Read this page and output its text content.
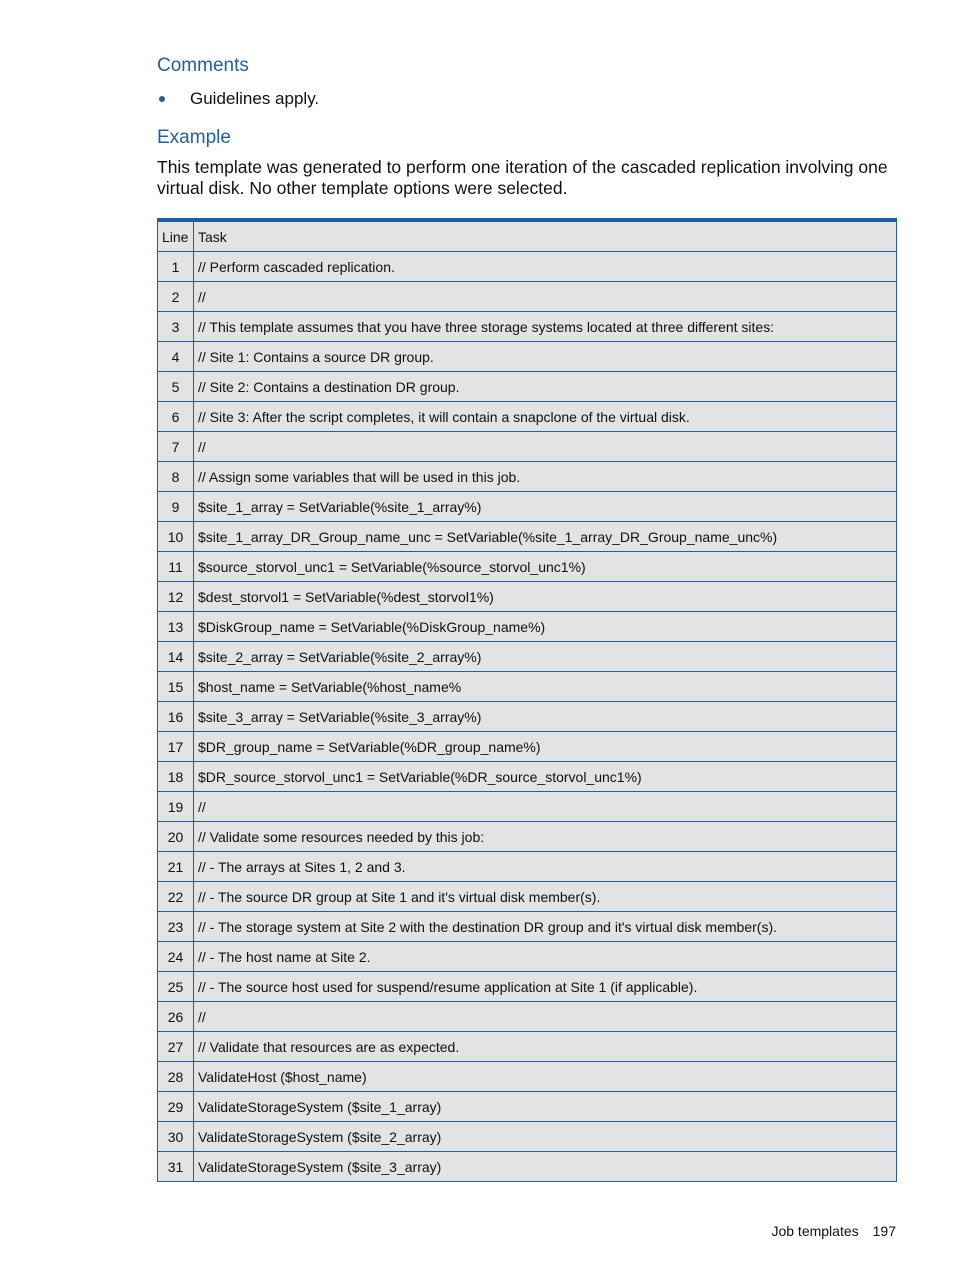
Comments
Guidelines apply.
Example

This template was generated to perform one iteration of the cascaded replication involving one virtual disk. No other template options were selected.

Line	Task
1	// Perform cascaded replication.
2	//
3	// This template assumes that you have three storage systems located at three different sites:
4	// Site 1: Contains a source DR group.
5	// Site 2: Contains a destination DR group.
6	// Site 3: After the script completes, it will contain a snapclone of the virtual disk.
7	//
8	// Assign some variables that will be used in this job.
9	$site_1_array = SetVariable(%site_1_array%)
10	$site_1_array_DR_Group_name_unc = SetVariable(%site_1_array_DR_Group_name_unc%)
11	$source_storvol_unc1 = SetVariable(%source_storvol_unc1%)
12	$dest_storvol1 = SetVariable(%dest_storvol1%)
13	$DiskGroup_name = SetVariable(%DiskGroup_name%)
14	$site_2_array = SetVariable(%site_2_array%)
15	$host_name = SetVariable(%host_name%
16	$site_3_array = SetVariable(%site_3_array%)
17	$DR_group_name = SetVariable(%DR_group_name%)
18	$DR_source_storvol_unc1 = SetVariable(%DR_source_storvol_unc1%)
19	//
20	// Validate some resources needed by this job:
21	// - The arrays at Sites 1, 2 and 3.
22	// - The source DR group at Site 1 and it's virtual disk member(s).
23	// - The storage system at Site 2 with the destination DR group and it's virtual disk member(s).
24	// - The host name at Site 2.
25	// - The source host used for suspend/resume application at Site 1 (if applicable).
26	//
27	// Validate that resources are as expected.
28	ValidateHost ($host_name)
29	ValidateStorageSystem ($site_1_array)
30	ValidateStorageSystem ($site_2_array)
31	ValidateStorageSystem ($site_3_array)
Job templates 197
